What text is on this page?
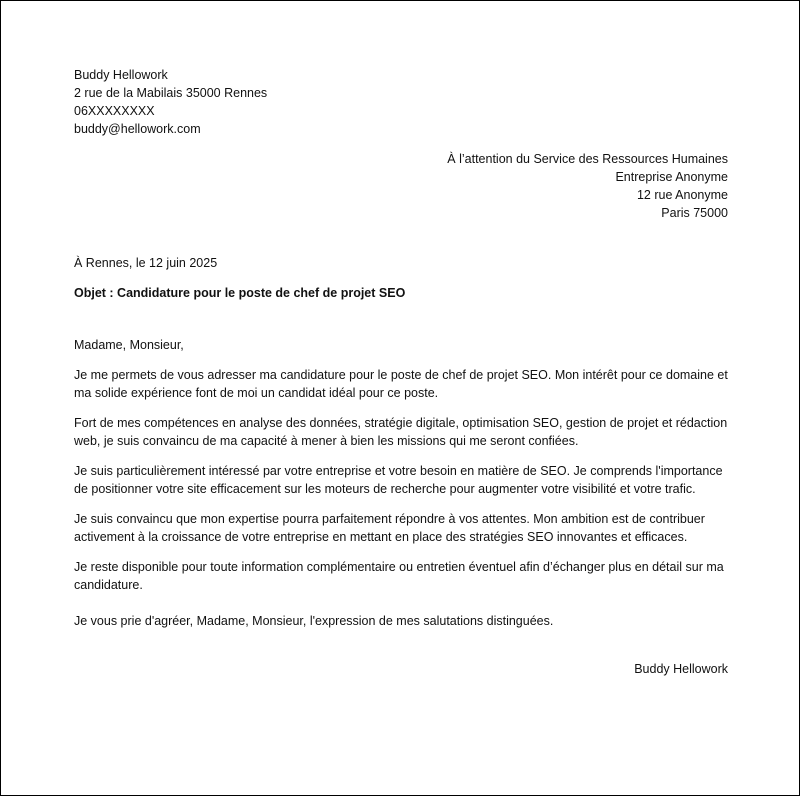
Buddy Hellowork
2 rue de la Mabilais 35000 Rennes
06XXXXXXXX
buddy@hellowork.com
À l’attention du Service des Ressources Humaines
Entreprise Anonyme
12 rue Anonyme
Paris 75000
À Rennes, le 12 juin 2025
Objet : Candidature pour le poste de chef de projet SEO
Madame, Monsieur,
Je me permets de vous adresser ma candidature pour le poste de chef de projet SEO. Mon intérêt pour ce domaine et ma solide expérience font de moi un candidat idéal pour ce poste.
Fort de mes compétences en analyse des données, stratégie digitale, optimisation SEO, gestion de projet et rédaction web, je suis convaincu de ma capacité à mener à bien les missions qui me seront confiées.
Je suis particulièrement intéressé par votre entreprise et votre besoin en matière de SEO. Je comprends l'importance de positionner votre site efficacement sur les moteurs de recherche pour augmenter votre visibilité et votre trafic.
Je suis convaincu que mon expertise pourra parfaitement répondre à vos attentes. Mon ambition est de contribuer activement à la croissance de votre entreprise en mettant en place des stratégies SEO innovantes et efficaces.
Je reste disponible pour toute information complémentaire ou entretien éventuel afin d’échanger plus en détail sur ma candidature.
Je vous prie d'agréer, Madame, Monsieur, l'expression de mes salutations distinguées.
Buddy Hellowork
